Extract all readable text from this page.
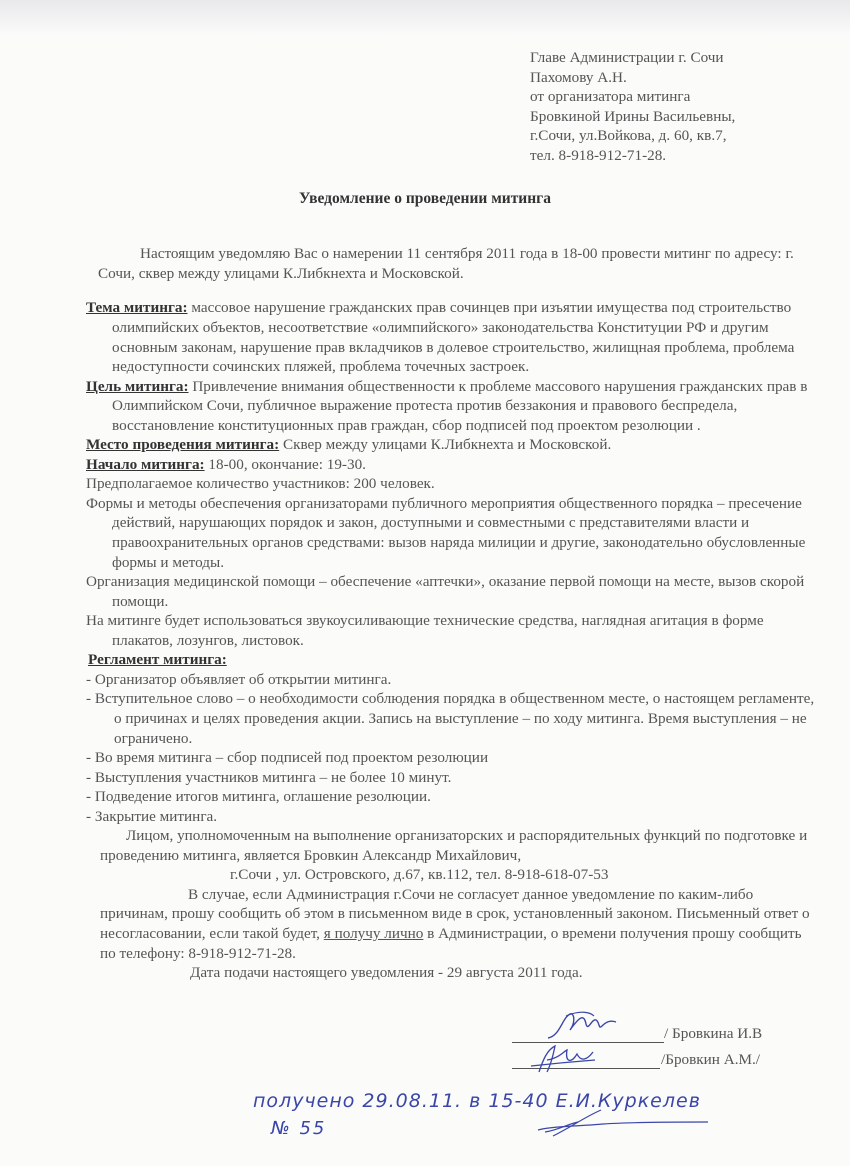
Главе Администрации г. Сочи
Пахомову А.Н.
от организатора митинга
Бровкиной Ирины Васильевны,
г.Сочи, ул.Войкова, д. 60, кв.7,
тел. 8-918-912-71-28.
Уведомление о проведении митинга

Настоящим уведомляю Вас о намерении 11 сентября 2011 года в 18-00 провести митинг по адресу: г. Сочи, сквер между улицами К.Либкнехта и Московской.

Тема митинга: массовое нарушение гражданских прав сочинцев при изъятии имущества под строительство олимпийских объектов, несоответствие «олимпийского» законодательства Конституции РФ и другим основным законам, нарушение прав вкладчиков в долевое строительство, жилищная проблема, проблема недоступности сочинских пляжей, проблема точечных застроек.

Цель митинга: Привлечение внимания общественности к проблеме массового нарушения гражданских прав в Олимпийском Сочи, публичное выражение протеста против беззакония и правового беспредела, восстановление конституционных прав граждан, сбор подписей под проектом резолюции .

Место проведения митинга: Сквер между улицами К.Либкнехта и Московской.

Начало митинга: 18-00, окончание: 19-30.

Предполагаемое количество участников: 200 человек.

Формы и методы обеспечения организаторами публичного мероприятия общественного порядка – пресечение действий, нарушающих порядок и закон, доступными и совместными с представителями власти и правоохранительных органов средствами: вызов наряда милиции и другие, законодательно обусловленные формы и методы.

Организация медицинской помощи – обеспечение «аптечки», оказание первой помощи на месте, вызов скорой помощи.

На митинге будет использоваться звукоусиливающие технические средства, наглядная агитация в форме плакатов, лозунгов, листовок.

Регламент митинга:

- Организатор объявляет об открытии митинга.

- Вступительное слово – о необходимости соблюдения порядка в общественном месте, о настоящем регламенте, о причинах и целях проведения акции. Запись на выступление – по ходу митинга. Время выступления – не ограничено.

- Во время митинга – сбор подписей под проектом резолюции

- Выступления участников митинга – не более 10 минут.

- Подведение итогов митинга, оглашение резолюции.

- Закрытие митинга.

Лицом, уполномоченным на выполнение организаторских и распорядительных функций по подготовке и проведению митинга, является Бровкин Александр Михайлович,

г.Сочи , ул. Островского, д.67, кв.112, тел. 8-918-618-07-53

В случае, если Администрация г.Сочи не согласует данное уведомление по каким-либо причинам, прошу сообщить об этом в письменном виде в срок, установленный законом. Письменный ответ о несогласовании, если такой будет, я получу лично в Администрации, о времени получения прошу сообщить по телефону: 8-918-912-71-28.

Дата подачи настоящего уведомления - 29 августа 2011 года.

/ Бровкина И.В
/Бровкин А.М./
получено 29.08.11. в 15-40 Е.И.Куркелев
№ 55
